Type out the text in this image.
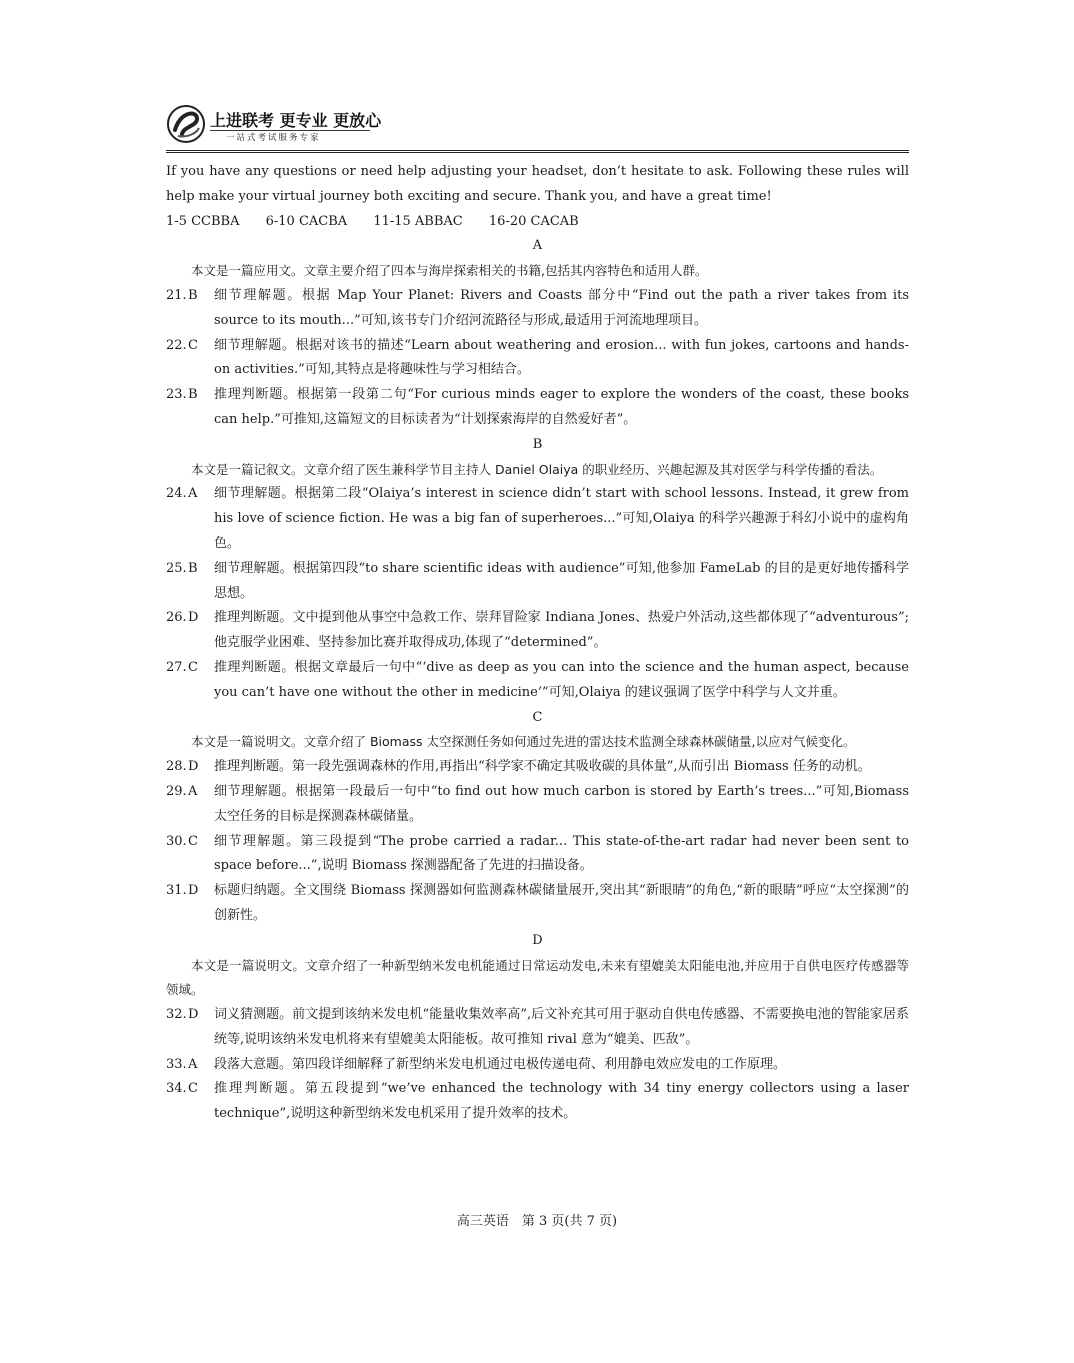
上进联考 更专业 更放心
一站式考试服务专家

If you have any questions or need help adjusting your headset, don’t hesitate to ask. Following these rules will help make your virtual journey both exciting and secure. Thank you, and have a great time!

1-5 CCBBA 6-10 CACBA 11-15 ABBAC 16-20 CACAB

A

本文是一篇应用文。文章主要介绍了四本与海岸探索相关的书籍,包括其内容特色和适用人群。

21. B	细节理解题。根据 Map Your Planet: Rivers and Coasts 部分中“Find out the path a river takes from its source to its mouth...”可知,该书专门介绍河流路径与形成,最适用于河流地理项目。
22. C	细节理解题。根据对该书的描述“Learn about weathering and erosion... with fun jokes, cartoons and hands-on activities.”可知,其特点是将趣味性与学习相结合。
23. B	推理判断题。根据第一段第二句“For curious minds eager to explore the wonders of the coast, these books can help.”可推知,这篇短文的目标读者为“计划探索海岸的自然爱好者”。

B

本文是一篇记叙文。文章介绍了医生兼科学节目主持人 Daniel Olaiya 的职业经历、兴趣起源及其对医学与科学传播的看法。

24. A	细节理解题。根据第二段“Olaiya’s interest in science didn’t start with school lessons. Instead, it grew from his love of science fiction. He was a big fan of superheroes...”可知,Olaiya 的科学兴趣源于科幻小说中的虚构角色。
25. B	细节理解题。根据第四段“to share scientific ideas with audience”可知,他参加 FameLab 的目的是更好地传播科学思想。
26. D	推理判断题。文中提到他从事空中急救工作、崇拜冒险家 Indiana Jones、热爱户外活动,这些都体现了“adventurous”;他克服学业困难、坚持参加比赛并取得成功,体现了“determined”。
27. C	推理判断题。根据文章最后一句中“‘dive as deep as you can into the science and the human aspect, because you can’t have one without the other in medicine’”可知,Olaiya 的建议强调了医学中科学与人文并重。

C

本文是一篇说明文。文章介绍了 Biomass 太空探测任务如何通过先进的雷达技术监测全球森林碳储量,以应对气候变化。

28. D	推理判断题。第一段先强调森林的作用,再指出“科学家不确定其吸收碳的具体量”,从而引出 Biomass 任务的动机。
29. A	细节理解题。根据第一段最后一句中“to find out how much carbon is stored by Earth’s trees...”可知,Biomass 太空任务的目标是探测森林碳储量。
30. C	细节理解题。第三段提到“The probe carried a radar... This state-of-the-art radar had never been sent to space before...”,说明 Biomass 探测器配备了先进的扫描设备。
31. D	标题归纳题。全文围绕 Biomass 探测器如何监测森林碳储量展开,突出其“新眼睛”的角色,“新的眼睛”呼应“太空探测”的创新性。

D

本文是一篇说明文。文章介绍了一种新型纳米发电机能通过日常运动发电,未来有望媲美太阳能电池,并应用于自供电医疗传感器等领域。

32. D	词义猜测题。前文提到该纳米发电机“能量收集效率高”,后文补充其可用于驱动自供电传感器、不需要换电池的智能家居系统等,说明该纳米发电机将来有望媲美太阳能板。故可推知 rival 意为“媲美、匹敌”。
33. A	段落大意题。第四段详细解释了新型纳米发电机通过电极传递电荷、利用静电效应发电的工作原理。
34. C	推理判断题。第五段提到“we’ve enhanced the technology with 34 tiny energy collectors using a laser technique”,说明这种新型纳米发电机采用了提升效率的技术。
高三英语　第 3 页(共 7 页)
